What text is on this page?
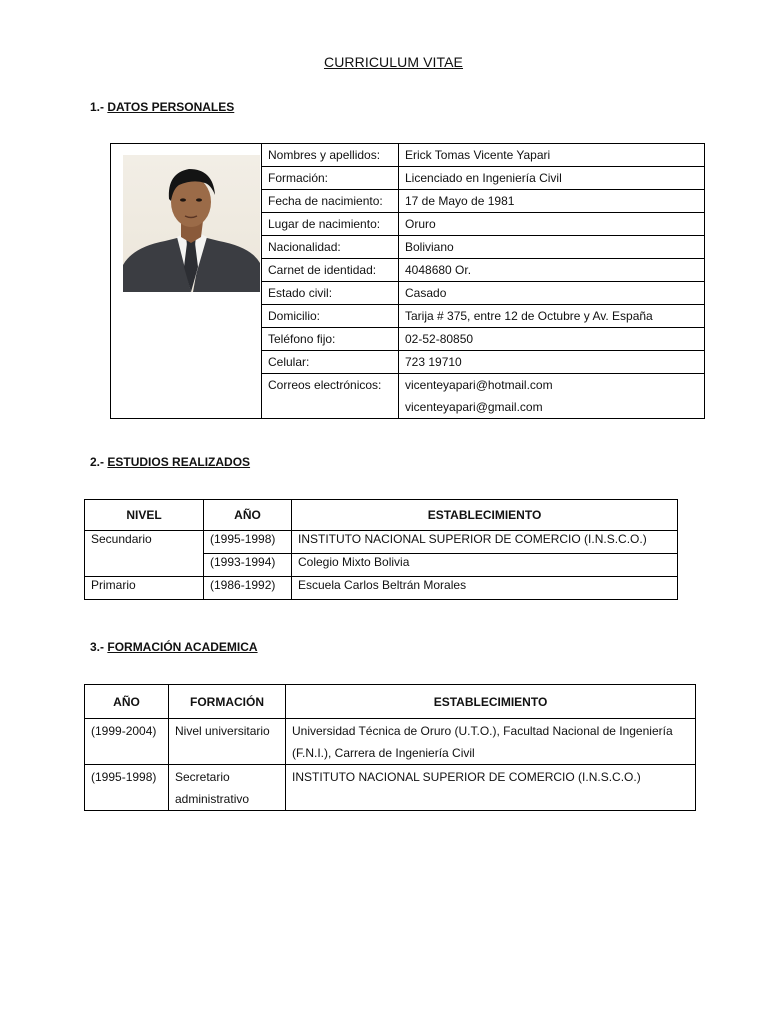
CURRICULUM VITAE
1.- DATOS PERSONALES
	Nombres y apellidos:	Erick Tomas Vicente Yapari
	Formación:	Licenciado en Ingeniería Civil
	Fecha de nacimiento:	17 de Mayo de 1981
	Lugar de nacimiento:	Oruro
	Nacionalidad:	Boliviano
	Carnet de identidad:	4048680 Or.
	Estado civil:	Casado
	Domicilio:	Tarija # 375, entre 12 de Octubre y Av. España
	Teléfono fijo:	02-52-80850
	Celular:	723 19710
	Correos electrónicos:	vicenteyapari@hotmail.com
vicenteyapari@gmail.com
2.- ESTUDIOS REALIZADOS
NIVEL	AÑO	ESTABLECIMIENTO
Secundario	(1995-1998)	INSTITUTO NACIONAL SUPERIOR DE COMERCIO (I.N.S.C.O.)
	(1993-1994)	Colegio Mixto Bolivia
Primario	(1986-1992)	Escuela Carlos Beltrán Morales
3.- FORMACIÓN ACADEMICA
AÑO	FORMACIÓN	ESTABLECIMIENTO
(1999-2004)	Nivel universitario	Universidad Técnica de Oruro (U.T.O.), Facultad Nacional de Ingeniería (F.N.I.), Carrera de Ingeniería Civil
(1995-1998)	Secretario administrativo	INSTITUTO NACIONAL SUPERIOR DE COMERCIO (I.N.S.C.O.)
